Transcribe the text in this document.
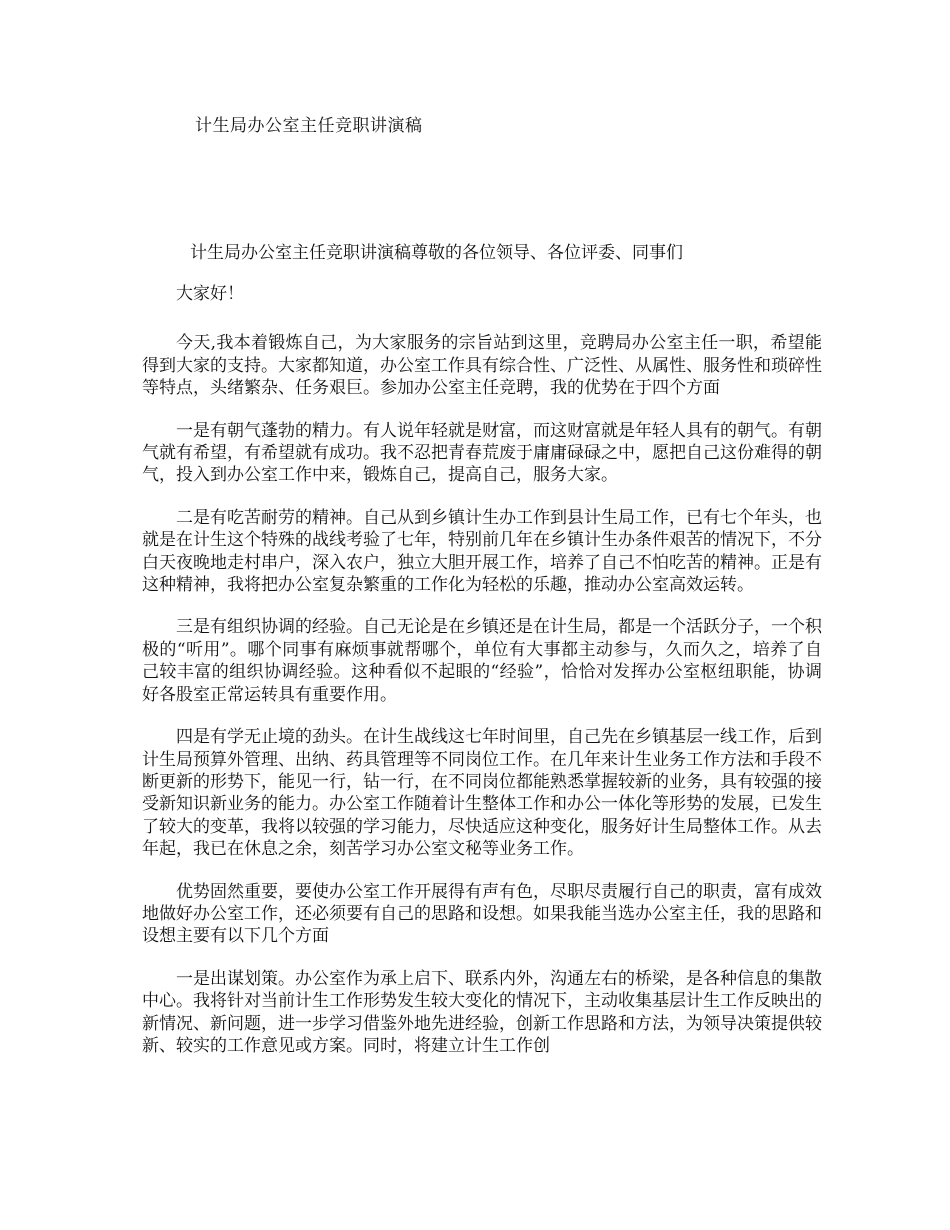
计生局办公室主任竞职讲演稿
计生局办公室主任竞职讲演稿尊敬的各位领导、各位评委、同事们

大家好！

今天,我本着锻炼自己，为大家服务的宗旨站到这里，竞聘局办公室主任一职，希望能得到大家的支持。大家都知道，办公室工作具有综合性、广泛性、从属性、服务性和琐碎性等特点，头绪繁杂、任务艰巨。参加办公室主任竞聘，我的优势在于四个方面

一是有朝气蓬勃的精力。有人说年轻就是财富，而这财富就是年轻人具有的朝气。有朝气就有希望，有希望就有成功。我不忍把青春荒废于庸庸碌碌之中，愿把自己这份难得的朝气，投入到办公室工作中来，锻炼自己，提高自己，服务大家。

二是有吃苦耐劳的精神。自己从到乡镇计生办工作到县计生局工作，已有七个年头，也就是在计生这个特殊的战线考验了七年，特别前几年在乡镇计生办条件艰苦的情况下，不分白天夜晚地走村串户，深入农户，独立大胆开展工作，培养了自己不怕吃苦的精神。正是有这种精神，我将把办公室复杂繁重的工作化为轻松的乐趣，推动办公室高效运转。

三是有组织协调的经验。自己无论是在乡镇还是在计生局，都是一个活跃分子，一个积极的“听用”。哪个同事有麻烦事就帮哪个，单位有大事都主动参与，久而久之，培养了自己较丰富的组织协调经验。这种看似不起眼的“经验”，恰恰对发挥办公室枢纽职能，协调好各股室正常运转具有重要作用。

四是有学无止境的劲头。在计生战线这七年时间里，自己先在乡镇基层一线工作，后到计生局预算外管理、出纳、药具管理等不同岗位工作。在几年来计生业务工作方法和手段不断更新的形势下，能见一行，钻一行，在不同岗位都能熟悉掌握较新的业务，具有较强的接受新知识新业务的能力。办公室工作随着计生整体工作和办公一体化等形势的发展，已发生了较大的变革，我将以较强的学习能力，尽快适应这种变化，服务好计生局整体工作。从去年起，我已在休息之余，刻苦学习办公室文秘等业务工作。

优势固然重要，要使办公室工作开展得有声有色，尽职尽责履行自己的职责，富有成效地做好办公室工作，还必须要有自己的思路和设想。如果我能当选办公室主任，我的思路和设想主要有以下几个方面

一是出谋划策。办公室作为承上启下、联系内外，沟通左右的桥梁，是各种信息的集散中心。我将针对当前计生工作形势发生较大变化的情况下，主动收集基层计生工作反映出的新情况、新问题，进一步学习借鉴外地先进经验，创新工作思路和方法，为领导决策提供较新、较实的工作意见或方案。同时，将建立计生工作创
